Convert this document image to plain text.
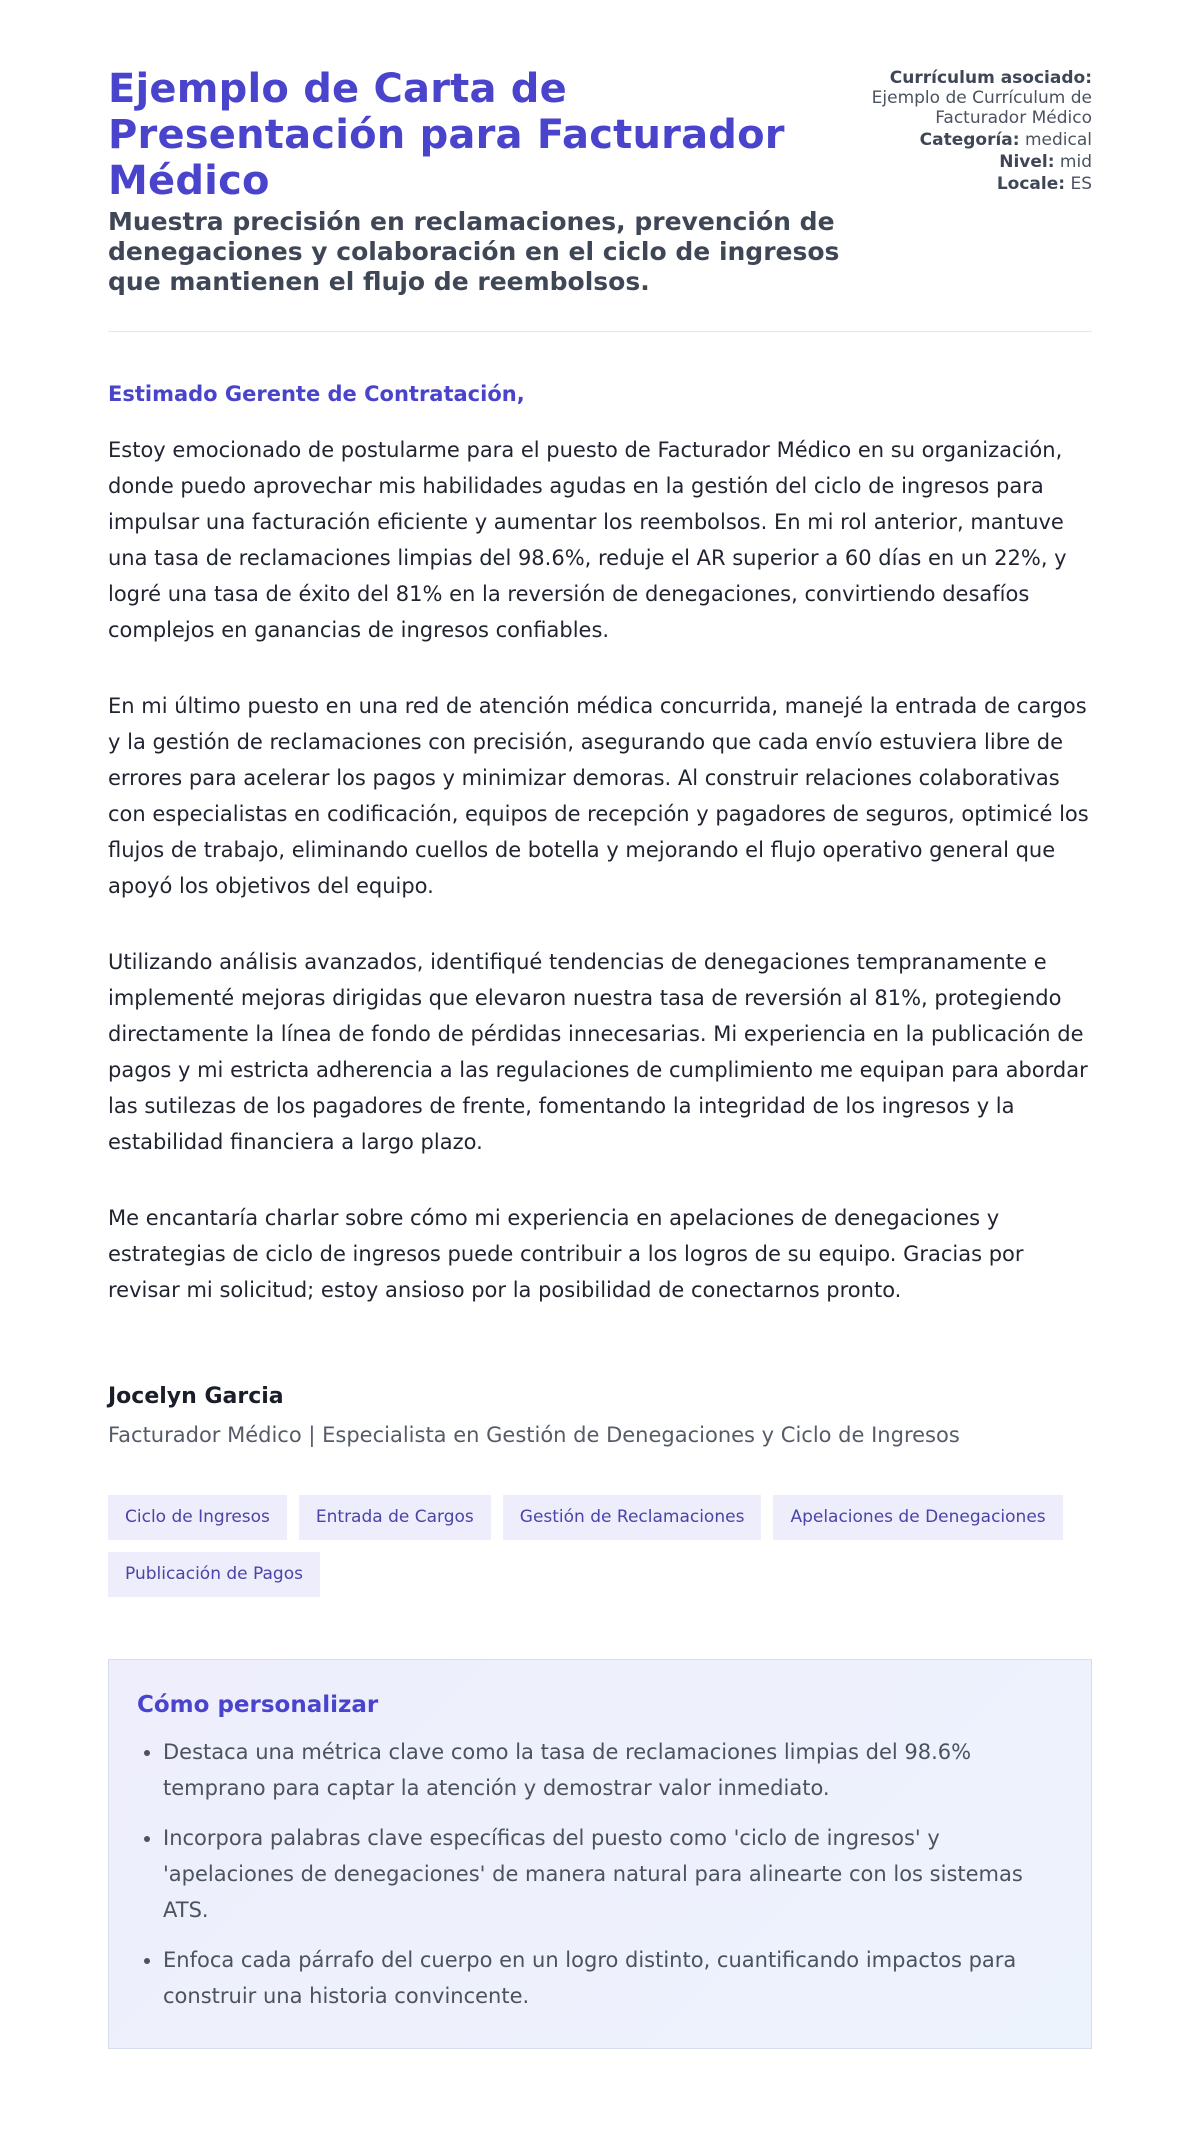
Ejemplo de Carta de Presentación para Facturador Médico
Muestra precisión en reclamaciones, prevención de denegaciones y colaboración en el ciclo de ingresos que mantienen el flujo de reembolsos.
Currículum asociado:
Ejemplo de Currículum de Facturador Médico
Categoría: medical
Nivel: mid
Locale: ES
Estimado Gerente de Contratación,

Estoy emocionado de postularme para el puesto de Facturador Médico en su organización, donde puedo aprovechar mis habilidades agudas en la gestión del ciclo de ingresos para impulsar una facturación eficiente y aumentar los reembolsos. En mi rol anterior, mantuve una tasa de reclamaciones limpias del 98.6%, reduje el AR superior a 60 días en un 22%, y logré una tasa de éxito del 81% en la reversión de denegaciones, convirtiendo desafíos complejos en ganancias de ingresos confiables.

En mi último puesto en una red de atención médica concurrida, manejé la entrada de cargos y la gestión de reclamaciones con precisión, asegurando que cada envío estuviera libre de errores para acelerar los pagos y minimizar demoras. Al construir relaciones colaborativas con especialistas en codificación, equipos de recepción y pagadores de seguros, optimicé los flujos de trabajo, eliminando cuellos de botella y mejorando el flujo operativo general que apoyó los objetivos del equipo.

Utilizando análisis avanzados, identifiqué tendencias de denegaciones tempranamente e implementé mejoras dirigidas que elevaron nuestra tasa de reversión al 81%, protegiendo directamente la línea de fondo de pérdidas innecesarias. Mi experiencia en la publicación de pagos y mi estricta adherencia a las regulaciones de cumplimiento me equipan para abordar las sutilezas de los pagadores de frente, fomentando la integridad de los ingresos y la estabilidad financiera a largo plazo.

Me encantaría charlar sobre cómo mi experiencia en apelaciones de denegaciones y estrategias de ciclo de ingresos puede contribuir a los logros de su equipo. Gracias por revisar mi solicitud; estoy ansioso por la posibilidad de conectarnos pronto.

Jocelyn Garcia
Facturador Médico | Especialista en Gestión de Denegaciones y Ciclo de Ingresos
Ciclo de Ingresos	Entrada de Cargos	Gestión de Reclamaciones	Apelaciones de Denegaciones
Publicación de Pagos
Cómo personalizar
• Destaca una métrica clave como la tasa de reclamaciones limpias del 98.6% temprano para captar la atención y demostrar valor inmediato.
• Incorpora palabras clave específicas del puesto como 'ciclo de ingresos' y 'apelaciones de denegaciones' de manera natural para alinearte con los sistemas ATS.
• Enfoca cada párrafo del cuerpo en un logro distinto, cuantificando impactos para construir una historia convincente.
